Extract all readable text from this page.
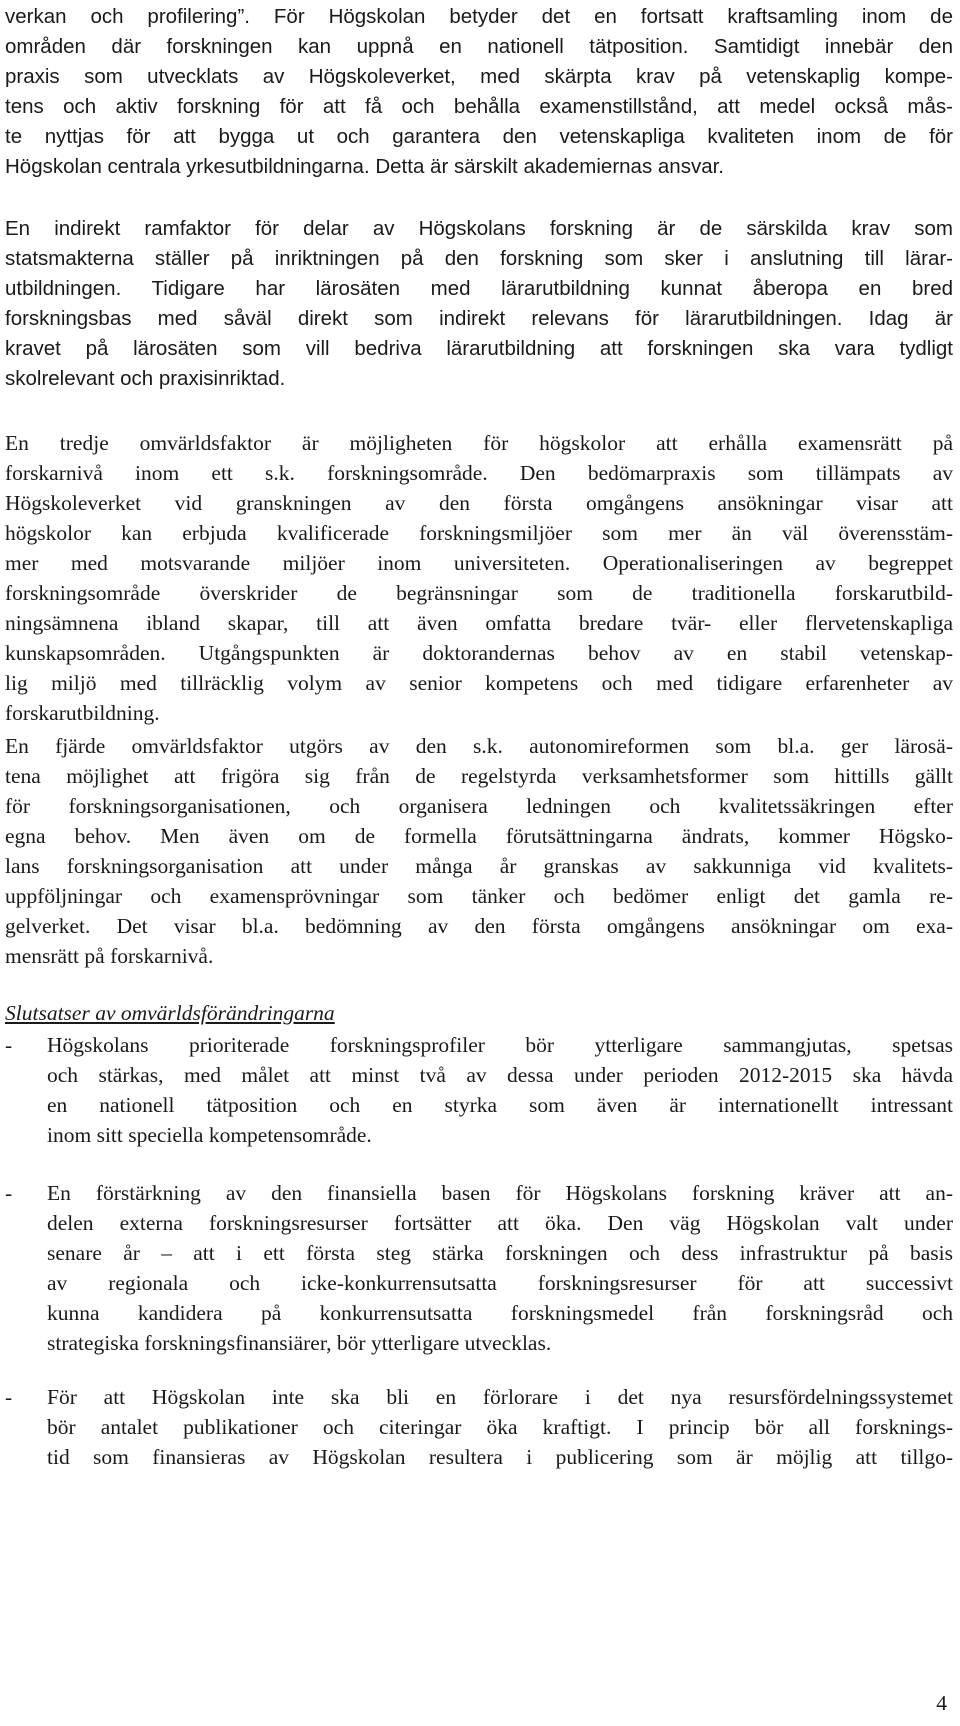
verkan och profilering”. För Högskolan betyder det en fortsatt kraftsamling inom de
områden där forskningen kan uppnå en nationell tätposition. Samtidigt innebär den
praxis som utvecklats av Högskoleverket, med skärpta krav på vetenskaplig kompe-
tens och aktiv forskning för att få och behålla examenstillstånd, att medel också mås-
te nyttjas för att bygga ut och garantera den vetenskapliga kvaliteten inom de för
Högskolan centrala yrkesutbildningarna. Detta är särskilt akademiernas ansvar.
En indirekt ramfaktor för delar av Högskolans forskning är de särskilda krav som
statsmakterna ställer på inriktningen på den forskning som sker i anslutning till lärar-
utbildningen. Tidigare har lärosäten med lärarutbildning kunnat åberopa en bred
forskningsbas med såväl direkt som indirekt relevans för lärarutbildningen. Idag är
kravet på lärosäten som vill bedriva lärarutbildning att forskningen ska vara tydligt
skolrelevant och praxisinriktad.
En tredje omvärldsfaktor är möjligheten för högskolor att erhålla examensrätt på
forskarnivå inom ett s.k. forskningsområde. Den bedömarpraxis som tillämpats av
Högskoleverket vid granskningen av den första omgångens ansökningar visar att
högskolor kan erbjuda kvalificerade forskningsmiljöer som mer än väl överensstäm-
mer med motsvarande miljöer inom universiteten. Operationaliseringen av begreppet
forskningsområde överskrider de begränsningar som de traditionella forskarutbild-
ningsämnena ibland skapar, till att även omfatta bredare tvär- eller flervetenskapliga
kunskapsområden. Utgångspunkten är doktorandernas behov av en stabil vetenskap-
lig miljö med tillräcklig volym av senior kompetens och med tidigare erfarenheter av
forskarutbildning.
En fjärde omvärldsfaktor utgörs av den s.k. autonomireformen som bl.a. ger lärosä-
tena möjlighet att frigöra sig från de regelstyrda verksamhetsformer som hittills gällt
för forskningsorganisationen, och organisera ledningen och kvalitetssäkringen efter
egna behov. Men även om de formella förutsättningarna ändrats, kommer Högsko-
lans forskningsorganisation att under många år granskas av sakkunniga vid kvalitets-
uppföljningar och examensprövningar som tänker och bedömer enligt det gamla re-
gelverket. Det visar bl.a. bedömning av den första omgångens ansökningar om exa-
mensrätt på forskarnivå.
Slutsatser av omvärldsförändringarna
- Högskolans prioriterade forskningsprofiler bör ytterligare sammangjutas, spetsas
och stärkas, med målet att minst två av dessa under perioden 2012-2015 ska hävda
en nationell tätposition och en styrka som även är internationellt intressant
inom sitt speciella kompetensområde.
- En förstärkning av den finansiella basen för Högskolans forskning kräver att an-
delen externa forskningsresurser fortsätter att öka. Den väg Högskolan valt under
senare år – att i ett första steg stärka forskningen och dess infrastruktur på basis
av regionala och icke-konkurrensutsatta forskningsresurser för att successivt
kunna kandidera på konkurrensutsatta forskningsmedel från forskningsråd och
strategiska forskningsfinansiärer, bör ytterligare utvecklas.
- För att Högskolan inte ska bli en förlorare i det nya resursfördelningssystemet
bör antalet publikationer och citeringar öka kraftigt. I princip bör all forsknings-
tid som finansieras av Högskolan resultera i publicering som är möjlig att tillgo-
4
